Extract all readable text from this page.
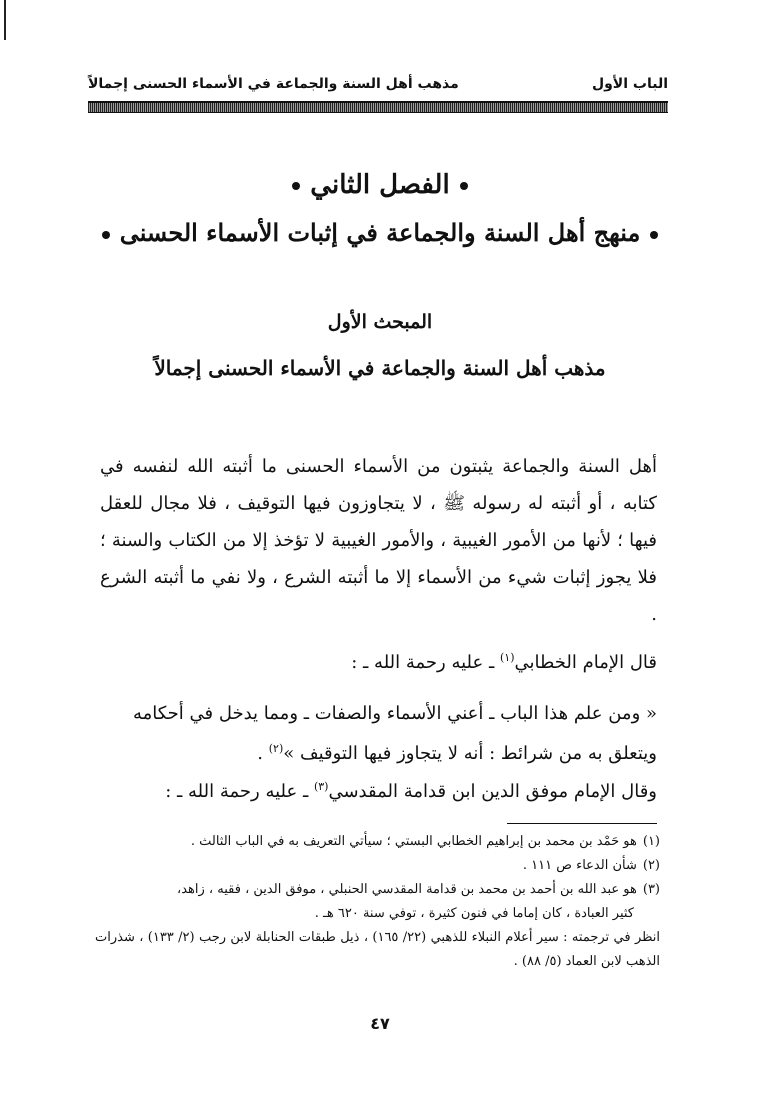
الباب الأول
مذهب أهل السنة والجماعة في الأسماء الحسنى إجمالاً
الفصل الثاني
منهج أهل السنة والجماعة في إثبات الأسماء الحسنى
المبحث الأول
مذهب أهل السنة والجماعة في الأسماء الحسنى إجمالاً

أهل السنة والجماعة يثبتون من الأسماء الحسنى ما أثبته الله لنفسه في كتابه ، أو أثبته له رسوله ﷺ ، لا يتجاوزون فيها التوقيف ، فلا مجال للعقل فيها ؛ لأنها من الأمور الغيبية ، والأمور الغيبية لا تؤخذ إلا من الكتاب والسنة ؛ فلا يجوز إثبات شيء من الأسماء إلا ما أثبته الشرع ، ولا نفي ما أثبته الشرع .

قال الإمام الخطابي$^{(١)}$ ـ عليه رحمة الله ـ :

« ومن علم هذا الباب ـ أعني الأسماء والصفات ـ ومما يدخل في أحكامه

ويتعلق به من شرائط : أنه لا يتجاوز فيها التوقيف »$^{(٢)}$ .

وقال الإمام موفق الدين ابن قدامة المقدسي$^{(٣)}$ ـ عليه رحمة الله ـ :
(١)هو حَمْد بن محمد بن إبراهيم الخطابي البستي ؛ سيأتي التعريف به في الباب الثالث .
(٢)شأن الدعاء ص ١١١ .
(٣)هو عبد الله بن أحمد بن محمد بن قدامة المقدسي الحنبلي ، موفق الدين ، فقيه ، زاهد،
كثير العبادة ، كان إماما في فنون كثيرة ، توفي سنة ٦٢٠ هـ .
انظر في ترجمته : سير أعلام النبلاء للذهبي (٢٢/ ١٦٥) ، ذيل طبقات الحنابلة لابن رجب (٢/ ١٣٣) ، شذرات الذهب لابن العماد (٥/ ٨٨) .
٤٧
